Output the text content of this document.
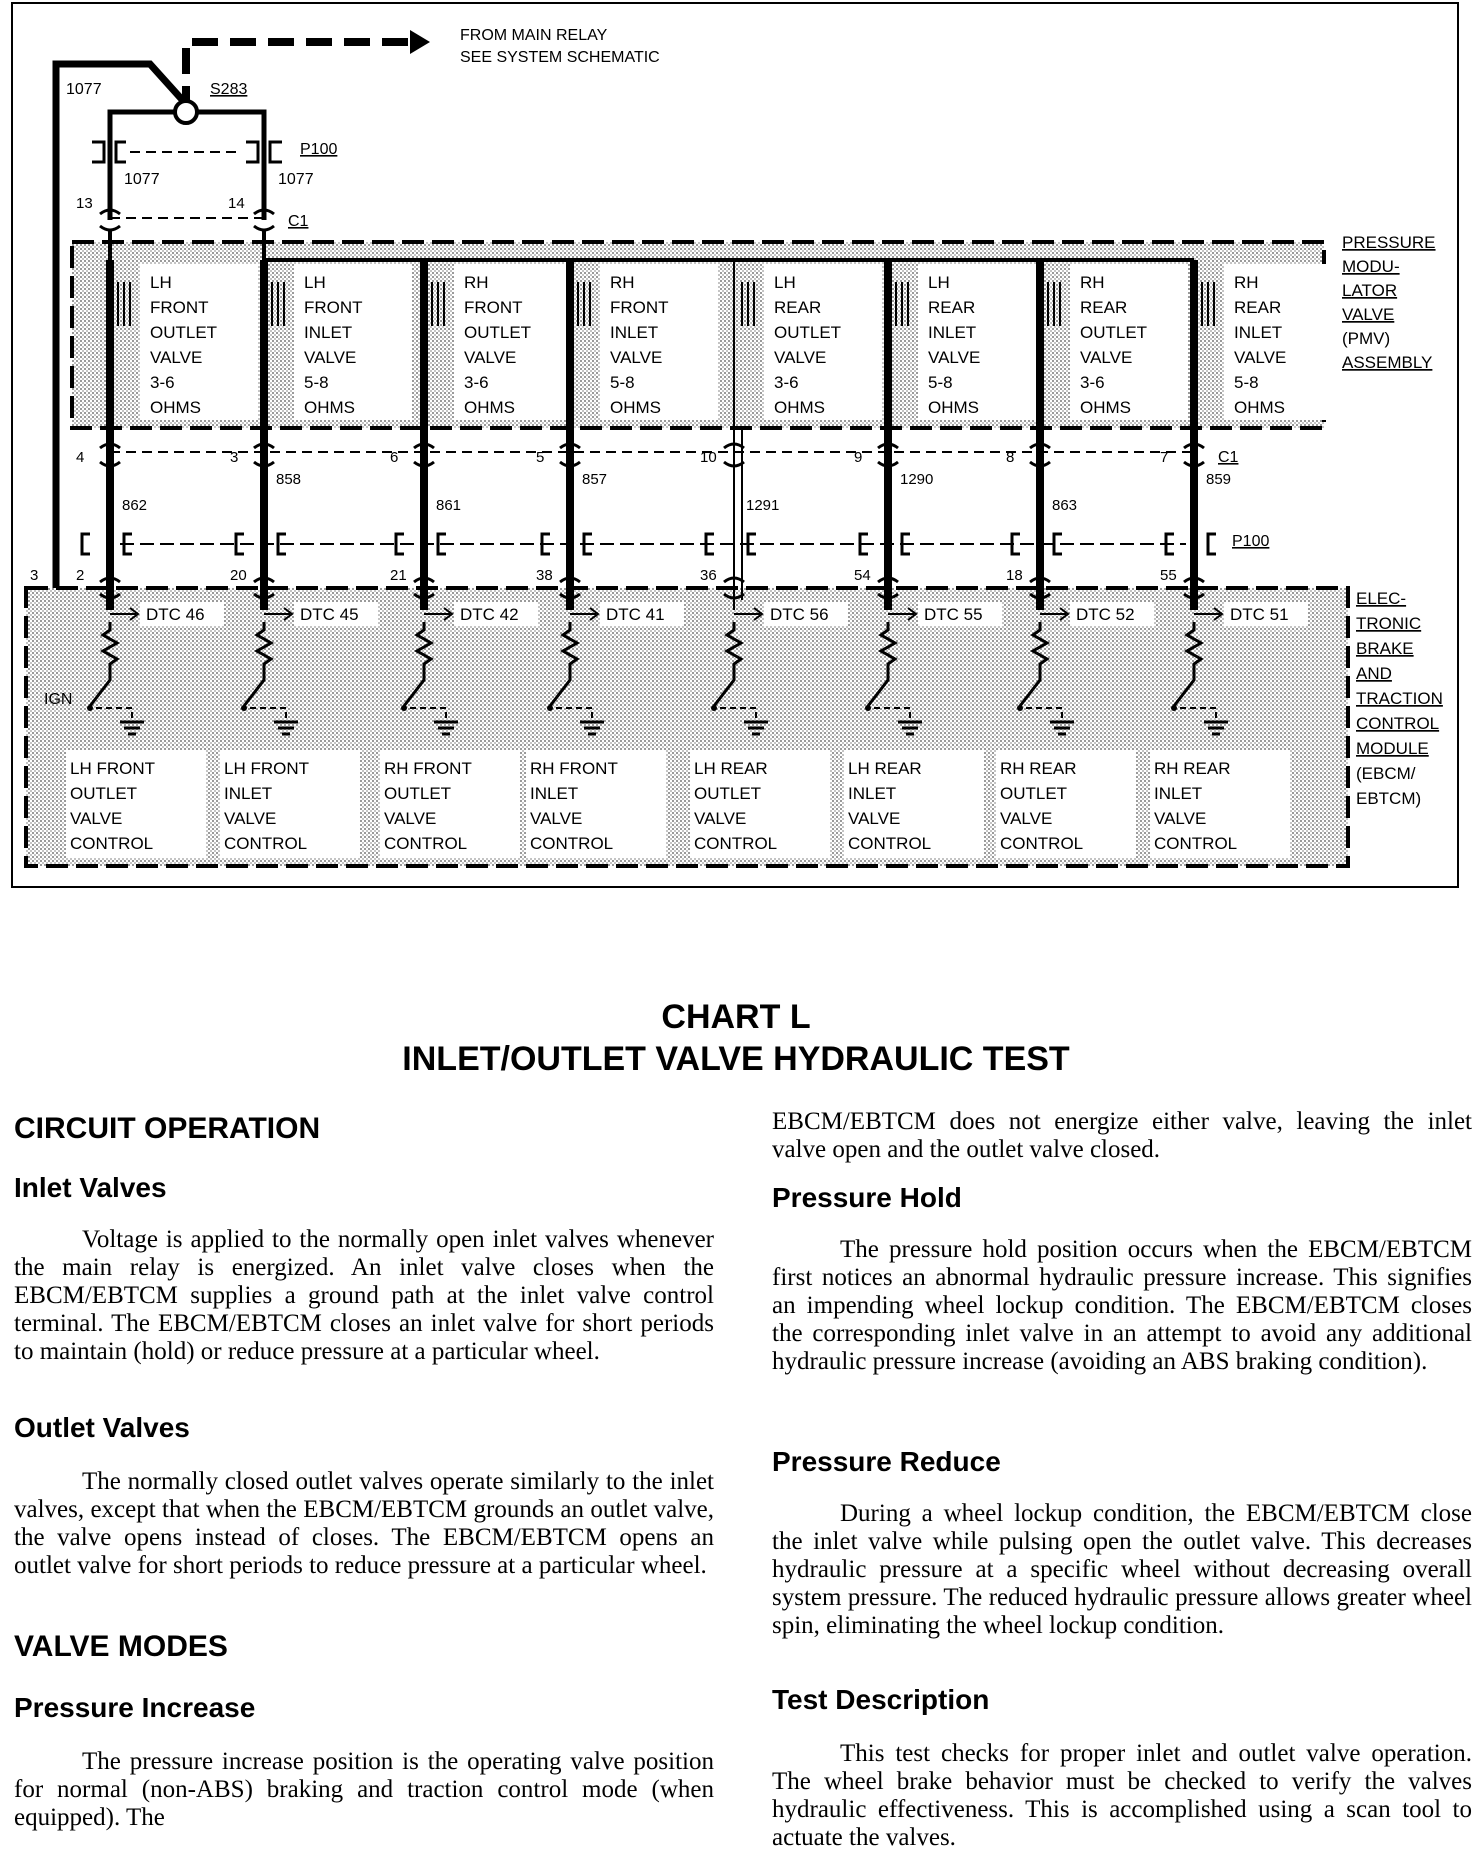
FROM MAIN RELAY
SEE SYSTEM SCHEMATIC
S283
1077
1077	1077
P100
13	14
C1
IGN
3
P100
C1
PRESSURE
MODU-
LATOR
VALVE
(PMV)
ASSEMBLY
ELEC-
TRONIC
BRAKE
AND
TRACTION
CONTROL
MODULE
(EBCM/
EBTCM)
LH
FRONT
OUTLET
VALVE
3-6
OHMS
4
862
2
DTC 46
LH FRONT
OUTLET
VALVE
CONTROL
LH
FRONT
INLET
VALVE
5-8
OHMS
3
858
20
DTC 45
LH FRONT
INLET
VALVE
CONTROL
RH
FRONT
OUTLET
VALVE
3-6
OHMS
6
861
21
DTC 42
RH FRONT
OUTLET
VALVE
CONTROL
RH
FRONT
INLET
VALVE
5-8
OHMS
5
857
38
DTC 41
RH FRONT
INLET
VALVE
CONTROL
LH
REAR
OUTLET
VALVE
3-6
OHMS
10
1291
36
DTC 56
LH REAR
OUTLET
VALVE
CONTROL
LH
REAR
INLET
VALVE
5-8
OHMS
9
1290
54
DTC 55
LH REAR
INLET
VALVE
CONTROL
RH
REAR
OUTLET
VALVE
3-6
OHMS
8
863
18
DTC 52
RH REAR
OUTLET
VALVE
CONTROL
RH
REAR
INLET
VALVE
5-8
OHMS
7
859
55
DTC 51
RH REAR
INLET
VALVE
CONTROL
CHART L
INLET/OUTLET VALVE HYDRAULIC TEST
CIRCUIT OPERATION
Inlet Valves

Voltage is applied to the normally open inlet valves whenever the main relay is energized. An inlet valve closes when the EBCM/EBTCM supplies a ground path at the inlet valve control terminal. The EBCM/EBTCM closes an inlet valve for short periods to maintain (hold) or reduce pressure at a particular wheel.

Outlet Valves

The normally closed outlet valves operate similarly to the inlet valves, except that when the EBCM/EBTCM grounds an outlet valve, the valve opens instead of closes. The EBCM/EBTCM opens an outlet valve for short periods to reduce pressure at a particular wheel.

VALVE MODES
Pressure Increase

The pressure increase position is the operating valve position for normal (non-ABS) braking and traction control mode (when equipped). The

EBCM/EBTCM does not energize either valve, leaving the inlet valve open and the outlet valve closed.

Pressure Hold

The pressure hold position occurs when the EBCM/EBTCM first notices an abnormal hydraulic pressure increase. This signifies an impending wheel lockup condition. The EBCM/EBTCM closes the corresponding inlet valve in an attempt to avoid any additional hydraulic pressure increase (avoiding an ABS braking condition).

Pressure Reduce

During a wheel lockup condition, the EBCM/EBTCM close the inlet valve while pulsing open the outlet valve. This decreases hydraulic pressure at a specific wheel without decreasing overall system pressure. The reduced hydraulic pressure allows greater wheel spin, eliminating the wheel lockup condition.

Test Description

This test checks for proper inlet and outlet valve operation. The wheel brake behavior must be checked to verify the valves hydraulic effectiveness. This is accomplished using a scan tool to actuate the valves.
